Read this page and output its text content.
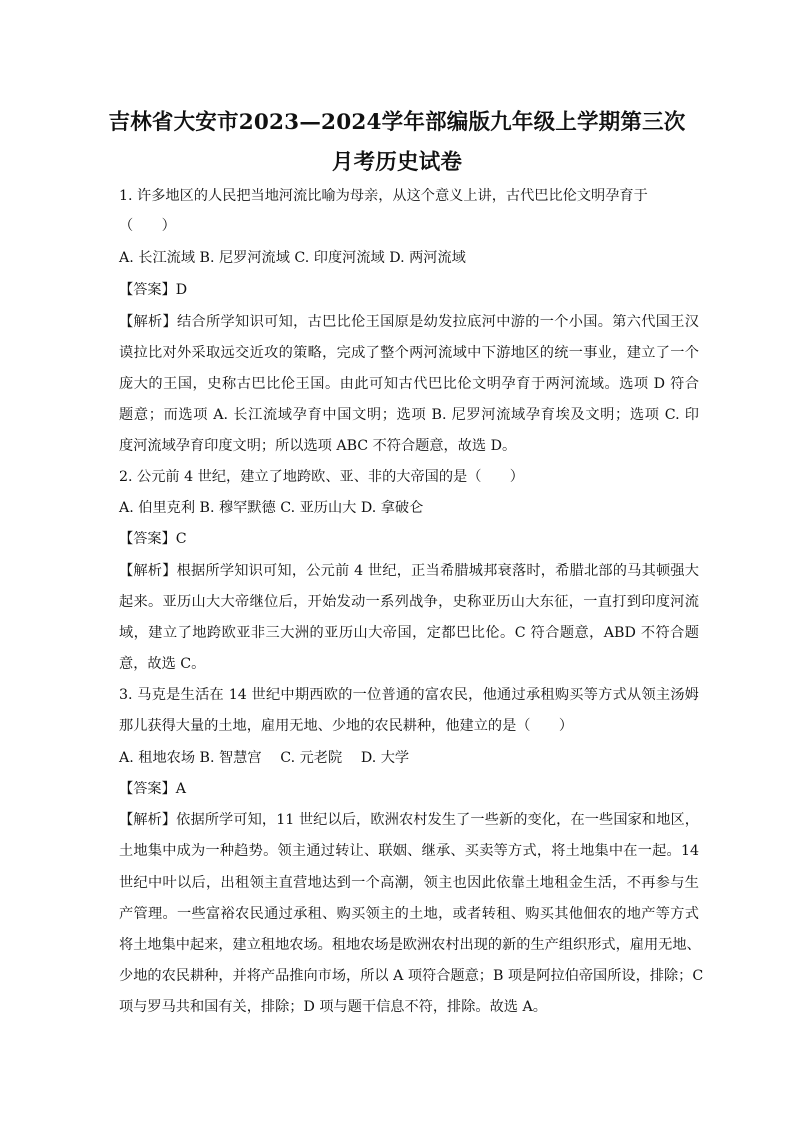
吉林省大安市2023—2024学年部编版九年级上学期第三次
月考历史试卷
1. 许多地区的人民把当地河流比喻为母亲，从这个意义上讲，古代巴比伦文明孕育于
（　　）
A. 长江流域 B. 尼罗河流域 C. 印度河流域 D. 两河流域
【答案】D
【解析】结合所学知识可知，古巴比伦王国原是幼发拉底河中游的一个小国。第六代国王汉
谟拉比对外采取远交近攻的策略，完成了整个两河流域中下游地区的统一事业，建立了一个
庞大的王国，史称古巴比伦王国。由此可知古代巴比伦文明孕育于两河流域。选项 D 符合
题意；而选项 A. 长江流域孕育中国文明；选项 B. 尼罗河流域孕育埃及文明；选项 C. 印
度河流域孕育印度文明；所以选项 ABC 不符合题意，故选 D。
2. 公元前 4 世纪，建立了地跨欧、亚、非的大帝国的是（　　）
A. 伯里克利 B. 穆罕默德 C. 亚历山大 D. 拿破仑
【答案】C
【解析】根据所学知识可知，公元前 4 世纪，正当希腊城邦衰落时，希腊北部的马其顿强大
起来。亚历山大大帝继位后，开始发动一系列战争，史称亚历山大东征，一直打到印度河流
域，建立了地跨欧亚非三大洲的亚历山大帝国，定都巴比伦。C 符合题意，ABD 不符合题
意，故选 C。
3. 马克是生活在 14 世纪中期西欧的一位普通的富农民，他通过承租购买等方式从领主汤姆
那儿获得大量的土地，雇用无地、少地的农民耕种，他建立的是（　　）
A. 租地农场 B. 智慧宫　 C. 元老院　 D. 大学
【答案】A
【解析】依据所学可知，11 世纪以后，欧洲农村发生了一些新的变化，在一些国家和地区，
土地集中成为一种趋势。领主通过转让、联姻、继承、买卖等方式，将土地集中在一起。14
世纪中叶以后，出租领主直营地达到一个高潮，领主也因此依靠土地租金生活，不再参与生
产管理。一些富裕农民通过承租、购买领主的土地，或者转租、购买其他佃农的地产等方式
将土地集中起来，建立租地农场。租地农场是欧洲农村出现的新的生产组织形式，雇用无地、
少地的农民耕种，并将产品推向市场，所以 A 项符合题意；B 项是阿拉伯帝国所设，排除；C
项与罗马共和国有关，排除；D 项与题干信息不符，排除。故选 A。
